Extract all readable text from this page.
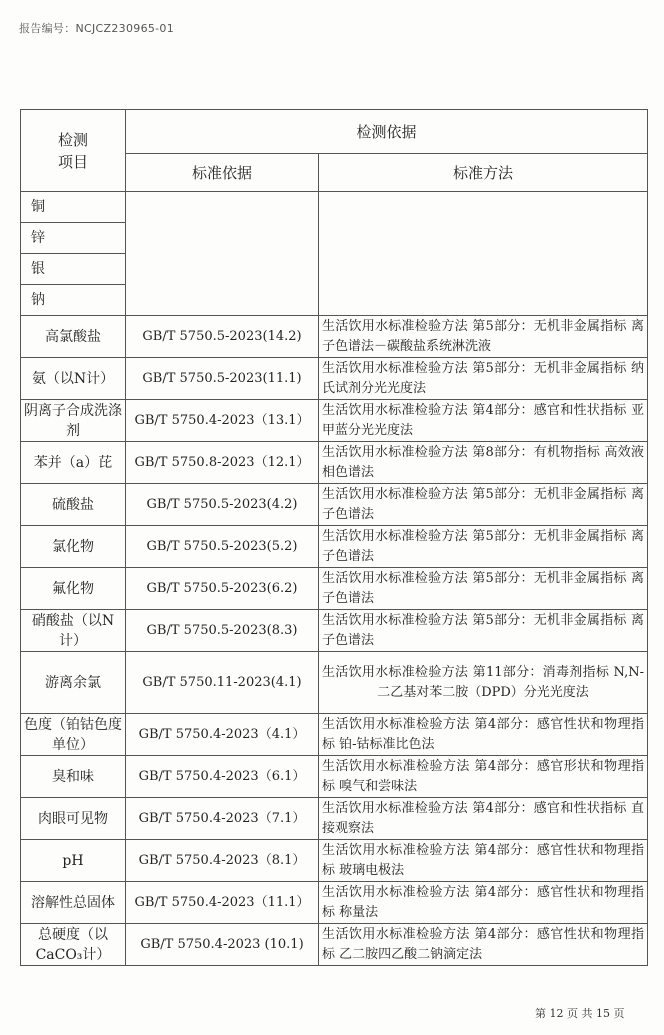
报告编号：NCJCZ230965-01
检测
项目	检测依据	
	标准依据	标准方法
铜		
锌		
银		
钠		
高氯酸盐	GB/T 5750.5-2023(14.2)	生活饮用水标准检验方法 第5部分：无机非金属指标 离子色谱法－碳酸盐系统淋洗液
氨（以N计）	GB/T 5750.5-2023(11.1)	生活饮用水标准检验方法 第5部分：无机非金属指标 纳氏试剂分光光度法
阴离子合成洗涤剂	GB/T 5750.4-2023（13.1）	生活饮用水标准检验方法 第4部分：感官和性状指标 亚甲蓝分光光度法
苯并（a）芘	GB/T 5750.8-2023（12.1）	生活饮用水标准检验方法 第8部分：有机物指标 高效液相色谱法
硫酸盐	GB/T 5750.5-2023(4.2)	生活饮用水标准检验方法 第5部分：无机非金属指标 离子色谱法
氯化物	GB/T 5750.5-2023(5.2)	生活饮用水标准检验方法 第5部分：无机非金属指标 离子色谱法
氟化物	GB/T 5750.5-2023(6.2)	生活饮用水标准检验方法 第5部分：无机非金属指标 离子色谱法
硝酸盐（以N计）	GB/T 5750.5-2023(8.3)	生活饮用水标准检验方法 第5部分：无机非金属指标 离子色谱法
游离余氯	GB/T 5750.11-2023(4.1)	生活饮用水标准检验方法 第11部分：消毒剂指标 N,N-二乙基对苯二胺（DPD）分光光度法
色度（铂钴色度单位）	GB/T 5750.4-2023（4.1）	生活饮用水标准检验方法 第4部分：感官性状和物理指标 铂-钴标准比色法
臭和味	GB/T 5750.4-2023（6.1）	生活饮用水标准检验方法 第4部分：感官形状和物理指标 嗅气和尝味法
肉眼可见物	GB/T 5750.4-2023（7.1）	生活饮用水标准检验方法 第4部分：感官和性状指标 直接观察法
pH	GB/T 5750.4-2023（8.1）	生活饮用水标准检验方法 第4部分：感官性状和物理指标 玻璃电极法
溶解性总固体	GB/T 5750.4-2023（11.1）	生活饮用水标准检验方法 第4部分：感官性状和物理指标 称量法
总硬度（以CaCO₃计）	GB/T 5750.4-2023 (10.1)	生活饮用水标准检验方法 第4部分：感官性状和物理指标 乙二胺四乙酸二钠滴定法
第 12 页 共 15 页
